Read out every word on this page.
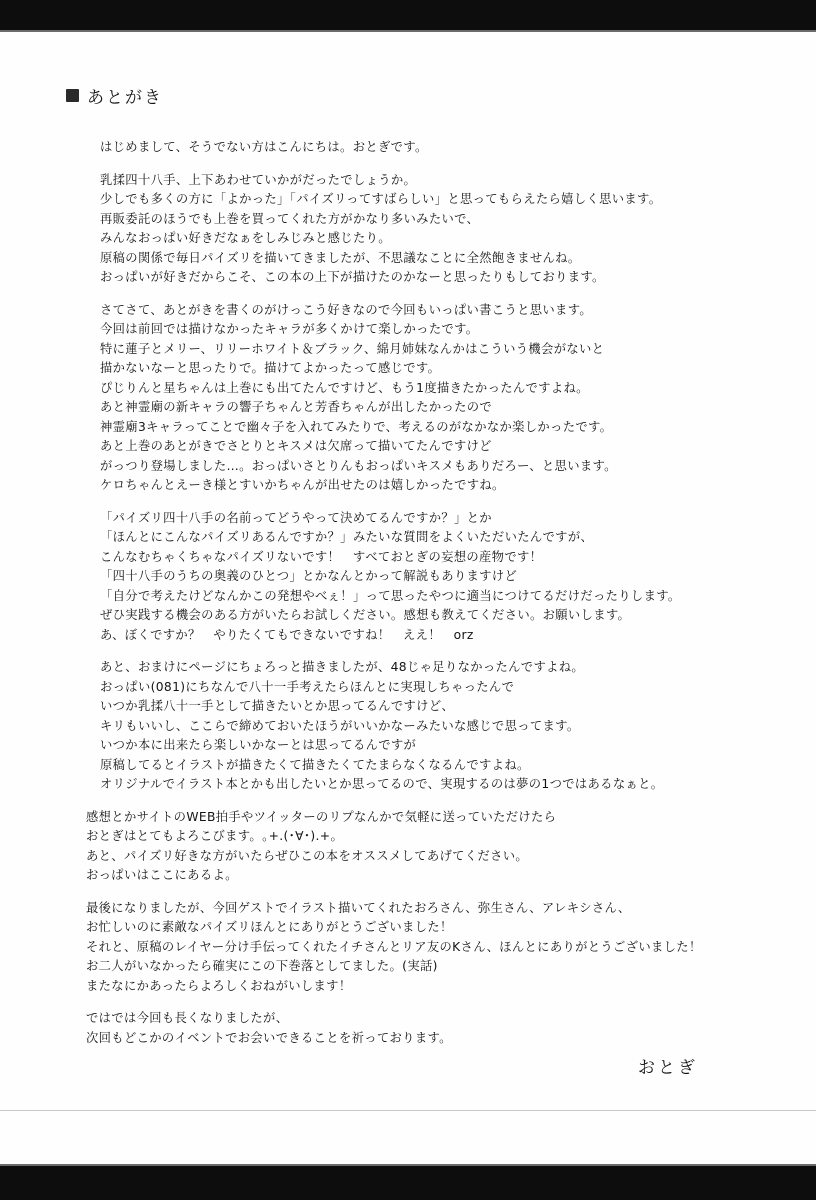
あとがき
はじめまして、そうでない方はこんにちは。おとぎです。
乳揉四十八手、上下あわせていかがだったでしょうか。
少しでも多くの方に「よかった」「パイズリってすばらしい」と思ってもらえたら嬉しく思います。
再販委託のほうでも上巻を買ってくれた方がかなり多いみたいで、
みんなおっぱい好きだなぁをしみじみと感じたり。
原稿の関係で毎日パイズリを描いてきましたが、不思議なことに全然飽きませんね。
おっぱいが好きだからこそ、この本の上下が描けたのかなーと思ったりもしております。
さてさて、あとがきを書くのがけっこう好きなので今回もいっぱい書こうと思います。
今回は前回では描けなかったキャラが多くかけて楽しかったです。
特に蓮子とメリー、リリーホワイト＆ブラック、綿月姉妹なんかはこういう機会がないと
描かないなーと思ったりで。描けてよかったって感じです。
ぴじりんと星ちゃんは上巻にも出てたんですけど、もう1度描きたかったんですよね。
あと神霊廟の新キャラの響子ちゃんと芳香ちゃんが出したかったので
神霊廟3キャラってことで幽々子を入れてみたりで、考えるのがなかなか楽しかったです。
あと上巻のあとがきでさとりとキスメは欠席って描いてたんですけど
がっつり登場しました…。おっぱいさとりんもおっぱいキスメもありだろー、と思います。
ケロちゃんとえーき様とすいかちゃんが出せたのは嬉しかったですね。
「パイズリ四十八手の名前ってどうやって決めてるんですか？」とか
「ほんとにこんなパイズリあるんですか？」みたいな質問をよくいただいたんですが、
こんなむちゃくちゃなパイズリないです！　すべておとぎの妄想の産物です！
「四十八手のうちの奥義のひとつ」とかなんとかって解説もありますけど
「自分で考えたけどなんかこの発想やべぇ！」って思ったやつに適当につけてるだけだったりします。
ぜひ実践する機会のある方がいたらお試しください。感想も教えてください。お願いします。
あ、ぼくですか？　やりたくてもできないですね！　ええ！　orz
あと、おまけにページにちょろっと描きましたが、48じゃ足りなかったんですよね。
おっぱい(081)にちなんで八十一手考えたらほんとに実現しちゃったんで
いつか乳揉八十一手として描きたいとか思ってるんですけど、
キリもいいし、ここらで締めておいたほうがいいかなーみたいな感じで思ってます。
いつか本に出来たら楽しいかなーとは思ってるんですが
原稿してるとイラストが描きたくて描きたくてたまらなくなるんですよね。
オリジナルでイラスト本とかも出したいとか思ってるので、実現するのは夢の1つではあるなぁと。
感想とかサイトのWEB拍手やツイッターのリプなんかで気軽に送っていただけたら
おとぎはとてもよろこびます。｡+.(･∀･).+｡
あと、パイズリ好きな方がいたらぜひこの本をオススメしてあげてください。
おっぱいはここにあるよ。
最後になりましたが、今回ゲストでイラスト描いてくれたおろさん、弥生さん、アレキシさん、
お忙しいのに素敵なパイズリほんとにありがとうございました！
それと、原稿のレイヤー分け手伝ってくれたイチさんとリア友のKさん、ほんとにありがとうございました！
お二人がいなかったら確実にこの下巻落としてました。(実話)
またなにかあったらよろしくおねがいします！
ではでは今回も長くなりましたが、
次回もどこかのイベントでお会いできることを祈っております。
おとぎ
